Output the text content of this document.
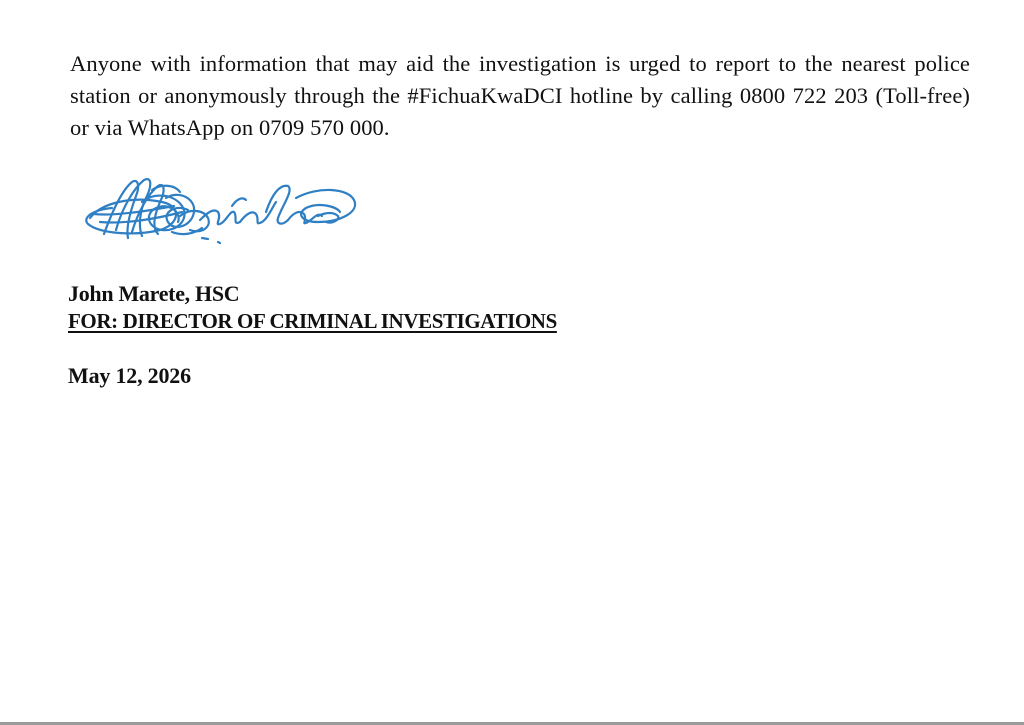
Anyone with information that may aid the investigation is urged to report to the nearest police station or anonymously through the #FichuaKwaDCI hotline by calling 0800 722 203 (Toll-free) or via WhatsApp on 0709 570 000.

John Marete, HSC

FOR: DIRECTOR OF CRIMINAL INVESTIGATIONS

May 12, 2026
